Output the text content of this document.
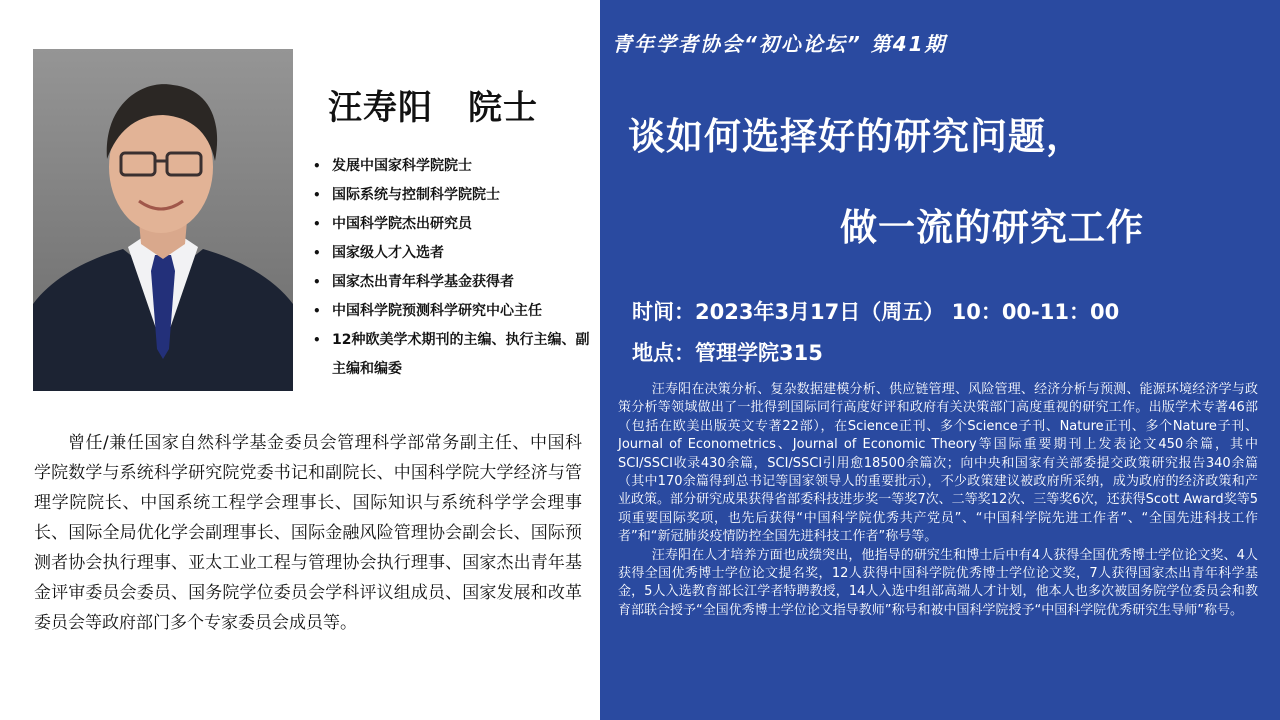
汪寿阳　院士
• 发展中国家科学院院士
• 国际系统与控制科学院院士
• 中国科学院杰出研究员
• 国家级人才入选者
• 国家杰出青年科学基金获得者
• 中国科学院预测科学研究中心主任
• 12种欧美学术期刊的主编、执行主编、副主编和编委

曾任/兼任国家自然科学基金委员会管理科学部常务副主任、中国科学院数学与系统科学研究院党委书记和副院长、中国科学院大学经济与管理学院院长、中国系统工程学会理事长、国际知识与系统科学学会理事长、国际全局优化学会副理事长、国际金融风险管理协会副会长、国际预测者协会执行理事、亚太工业工程与管理协会执行理事、国家杰出青年基金评审委员会委员、国务院学位委员会学科评议组成员、国家发展和改革委员会等政府部门多个专家委员会成员等。

青年学者协会“初心论坛” 第41期
谈如何选择好的研究问题，
做一流的研究工作
时间：2023年3月17日（周五） 10：00-11：00
地点：管理学院315

汪寿阳在决策分析、复杂数据建模分析、供应链管理、风险管理、经济分析与预测、能源环境经济学与政策分析等领域做出了一批得到国际同行高度好评和政府有关决策部门高度重视的研究工作。出版学术专著46部（包括在欧美出版英文专著22部），在Science正刊、多个Science子刊、Nature正刊、多个Nature子刊、Journal of Econometrics、Journal of Economic Theory等国际重要期刊上发表论文450余篇，其中SCI/SSCI收录430余篇，SCI/SSCI引用愈18500余篇次；向中央和国家有关部委提交政策研究报告340余篇（其中170余篇得到总书记等国家领导人的重要批示），不少政策建议被政府所采纳，成为政府的经济政策和产业政策。部分研究成果获得省部委科技进步奖一等奖7次、二等奖12次、三等奖6次，还获得Scott Award奖等5项重要国际奖项，也先后获得“中国科学院优秀共产党员”、“中国科学院先进工作者”、“全国先进科技工作者”和“新冠肺炎疫情防控全国先进科技工作者”称号等。

汪寿阳在人才培养方面也成绩突出，他指导的研究生和博士后中有4人获得全国优秀博士学位论文奖、4人获得全国优秀博士学位论文提名奖，12人获得中国科学院优秀博士学位论文奖，7人获得国家杰出青年科学基金，5人入选教育部长江学者特聘教授，14人入选中组部高端人才计划，他本人也多次被国务院学位委员会和教育部联合授予“全国优秀博士学位论文指导教师”称号和被中国科学院授予“中国科学院优秀研究生导师”称号。
